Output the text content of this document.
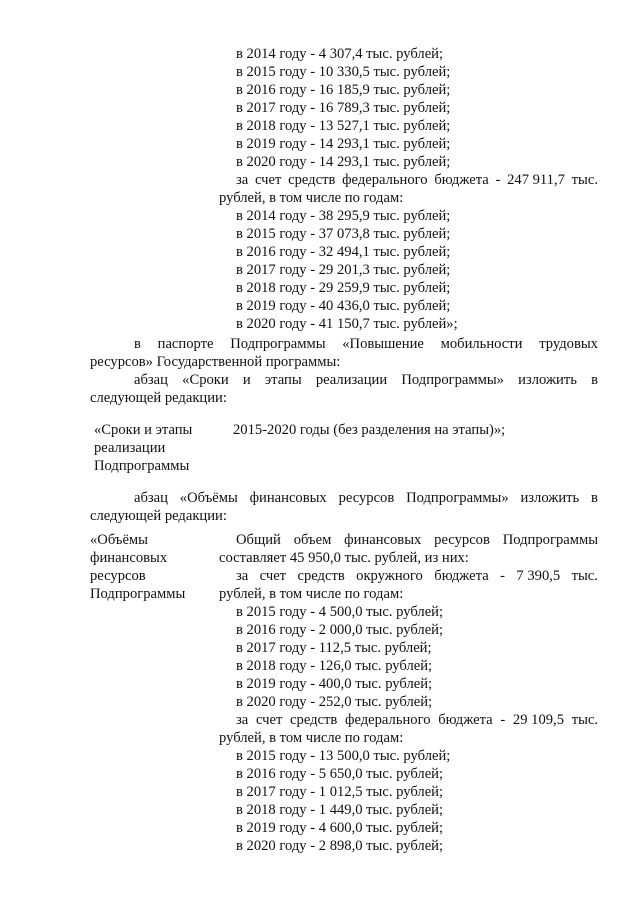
в 2014 году - 4 307,4 тыс. рублей;
в 2015 году - 10 330,5 тыс. рублей;
в 2016 году - 16 185,9 тыс. рублей;
в 2017 году - 16 789,3 тыс. рублей;
в 2018 году - 13 527,1 тыс. рублей;
в 2019 году - 14 293,1 тыс. рублей;
в 2020 году - 14 293,1 тыс. рублей;
за счет средств федерального бюджета - 247 911,7 тыс.
рублей, в том числе по годам:
в 2014 году - 38 295,9 тыс. рублей;
в 2015 году - 37 073,8 тыс. рублей;
в 2016 году - 32 494,1 тыс. рублей;
в 2017 году - 29 201,3 тыс. рублей;
в 2018 году - 29 259,9 тыс. рублей;
в 2019 году - 40 436,0 тыс. рублей;
в 2020 году - 41 150,7 тыс. рублей»;
в паспорте Подпрограммы «Повышение мобильности трудовых
ресурсов» Государственной программы:
абзац «Сроки и этапы реализации Подпрограммы» изложить в
следующей редакции:
«Сроки и этапы
реализации
Подпрограммы
2015-2020 годы (без разделения на этапы)»;
абзац «Объёмы финансовых ресурсов Подпрограммы» изложить в
следующей редакции:
«Объёмы
финансовых
ресурсов
Подпрограммы
Общий объем финансовых ресурсов Подпрограммы
составляет 45 950,0 тыс. рублей, из них:
за счет средств окружного бюджета - 7 390,5 тыс.
рублей, в том числе по годам:
в 2015 году - 4 500,0 тыс. рублей;
в 2016 году - 2 000,0 тыс. рублей;
в 2017 году - 112,5 тыс. рублей;
в 2018 году - 126,0 тыс. рублей;
в 2019 году - 400,0 тыс. рублей;
в 2020 году - 252,0 тыс. рублей;
за счет средств федерального бюджета - 29 109,5 тыс.
рублей, в том числе по годам:
в 2015 году - 13 500,0 тыс. рублей;
в 2016 году - 5 650,0 тыс. рублей;
в 2017 году - 1 012,5 тыс. рублей;
в 2018 году - 1 449,0 тыс. рублей;
в 2019 году - 4 600,0 тыс. рублей;
в 2020 году - 2 898,0 тыс. рублей;
